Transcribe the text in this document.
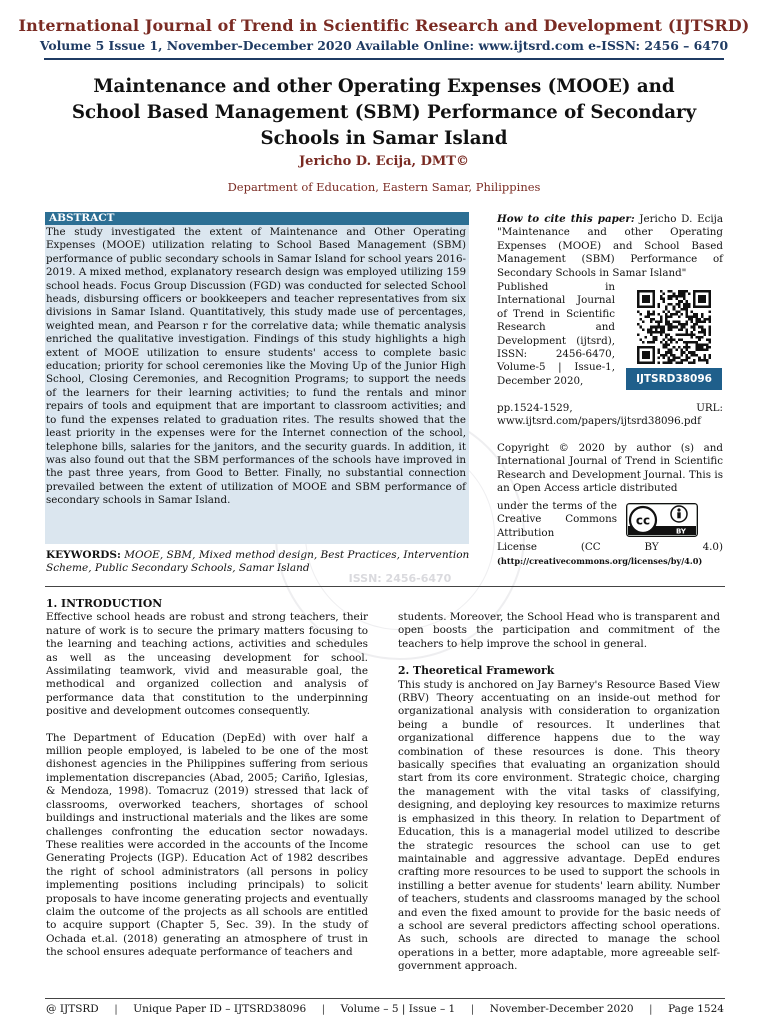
International Journal of Trend in Scientific Research and Development (IJTSRD)
Volume 5 Issue 1, November-December 2020 Available Online: www.ijtsrd.com e-ISSN: 2456 – 6470
Maintenance and other Operating Expenses (MOOE) and School Based Management (SBM) Performance of Secondary Schools in Samar Island
Jericho D. Ecija, DMT©
Department of Education, Eastern Samar, Philippines
ISSN: 2456-6470
ABSTRACT
The study investigated the extent of Maintenance and Other Operating Expenses (MOOE) utilization relating to School Based Management (SBM) performance of public secondary schools in Samar Island for school years 2016-2019. A mixed method, explanatory research design was employed utilizing 159 school heads. Focus Group Discussion (FGD) was conducted for selected School heads, disbursing officers or bookkeepers and teacher representatives from six divisions in Samar Island. Quantitatively, this study made use of percentages, weighted mean, and Pearson r for the correlative data; while thematic analysis enriched the qualitative investigation. Findings of this study highlights a high extent of MOOE utilization to ensure students' access to complete basic education; priority for school ceremonies like the Moving Up of the Junior High School, Closing Ceremonies, and Recognition Programs; to support the needs of the learners for their learning activities; to fund the rentals and minor repairs of tools and equipment that are important to classroom activities; and to fund the expenses related to graduation rites. The results showed that the least priority in the expenses were for the Internet connection of the school, telephone bills, salaries for the janitors, and the security guards. In addition, it was also found out that the SBM performances of the schools have improved in the past three years, from Good to Better. Finally, no substantial connection prevailed between the extent of utilization of MOOE and SBM performance of secondary schools in Samar Island.
How to cite this paper: Jericho D. Ecija "Maintenance and other Operating Expenses (MOOE) and School Based Management (SBM) Performance of Secondary Schools in Samar Island"
Published in International Journal of Trend in Scientific Research and Development (ijtsrd), ISSN: 2456-6470, Volume-5 | Issue-1, December 2020,
pp.1524-1529, URL: www.ijtsrd.com/papers/ijtsrd38096.pdf
IJTSRD38096
Copyright © 2020 by author (s) and International Journal of Trend in Scientific Research and Development Journal. This is an Open Access article distributed
under the terms of the Creative Commons Attribution
cc
BY
License (CC BY 4.0)
(http://creativecommons.org/licenses/by/4.0)
KEYWORDS: MOOE, SBM, Mixed method design, Best Practices, Intervention Scheme, Public Secondary Schools, Samar Island
1. INTRODUCTION
Effective school heads are robust and strong teachers, their nature of work is to secure the primary matters focusing to the learning and teaching actions, activities and schedules as well as the unceasing development for school. Assimilating teamwork, vivid and measurable goal, the methodical and organized collection and analysis of performance data that constitution to the underpinning positive and development outcomes consequently.
The Department of Education (DepEd) with over half a million people employed, is labeled to be one of the most dishonest agencies in the Philippines suffering from serious implementation discrepancies (Abad, 2005; Cariño, Iglesias, & Mendoza, 1998). Tomacruz (2019) stressed that lack of classrooms, overworked teachers, shortages of school buildings and instructional materials and the likes are some challenges confronting the education sector nowadays. These realities were accorded in the accounts of the Income Generating Projects (IGP). Education Act of 1982 describes the right of school administrators (all persons in policy implementing positions including principals) to solicit proposals to have income generating projects and eventually claim the outcome of the projects as all schools are entitled to acquire support (Chapter 5, Sec. 39). In the study of Ochada et.al. (2018) generating an atmosphere of trust in the school ensures adequate performance of teachers and
students. Moreover, the School Head who is transparent and open boosts the participation and commitment of the teachers to help improve the school in general.
2. Theoretical Framework
This study is anchored on Jay Barney's Resource Based View (RBV) Theory accentuating on an inside-out method for organizational analysis with consideration to organization being a bundle of resources. It underlines that organizational difference happens due to the way combination of these resources is done. This theory basically specifies that evaluating an organization should start from its core environment. Strategic choice, charging the management with the vital tasks of classifying, designing, and deploying key resources to maximize returns is emphasized in this theory. In relation to Department of Education, this is a managerial model utilized to describe the strategic resources the school can use to get maintainable and aggressive advantage. DepEd endures crafting more resources to be used to support the schools in instilling a better avenue for students' learn ability. Number of teachers, students and classrooms managed by the school and even the fixed amount to provide for the basic needs of a school are several predictors affecting school operations. As such, schools are directed to manage the school operations in a better, more adaptable, more agreeable self-government approach.
@ IJTSRD | Unique Paper ID – IJTSRD38096 | Volume – 5 | Issue – 1 | November-December 2020 | Page 1524
